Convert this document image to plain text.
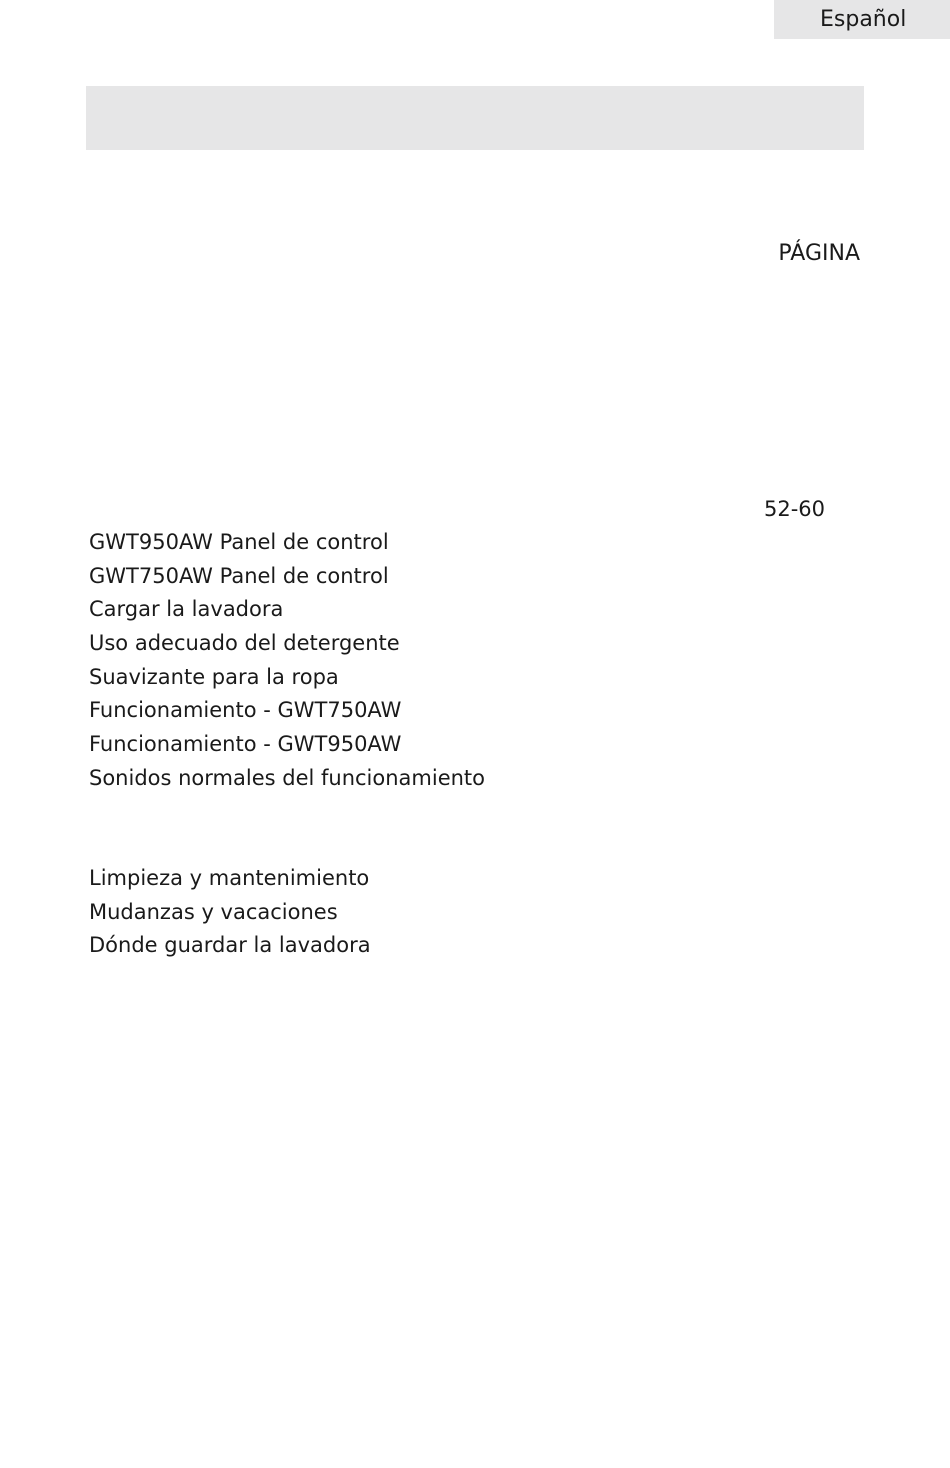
Español
PÁGINA
52-60
GWT950AW Panel de control
GWT750AW Panel de control
Cargar la lavadora
Uso adecuado del detergente
Suavizante para la ropa
Funcionamiento - GWT750AW
Funcionamiento - GWT950AW
Sonidos normales del funcionamiento
Limpieza y mantenimiento
Mudanzas y vacaciones
Dónde guardar la lavadora
